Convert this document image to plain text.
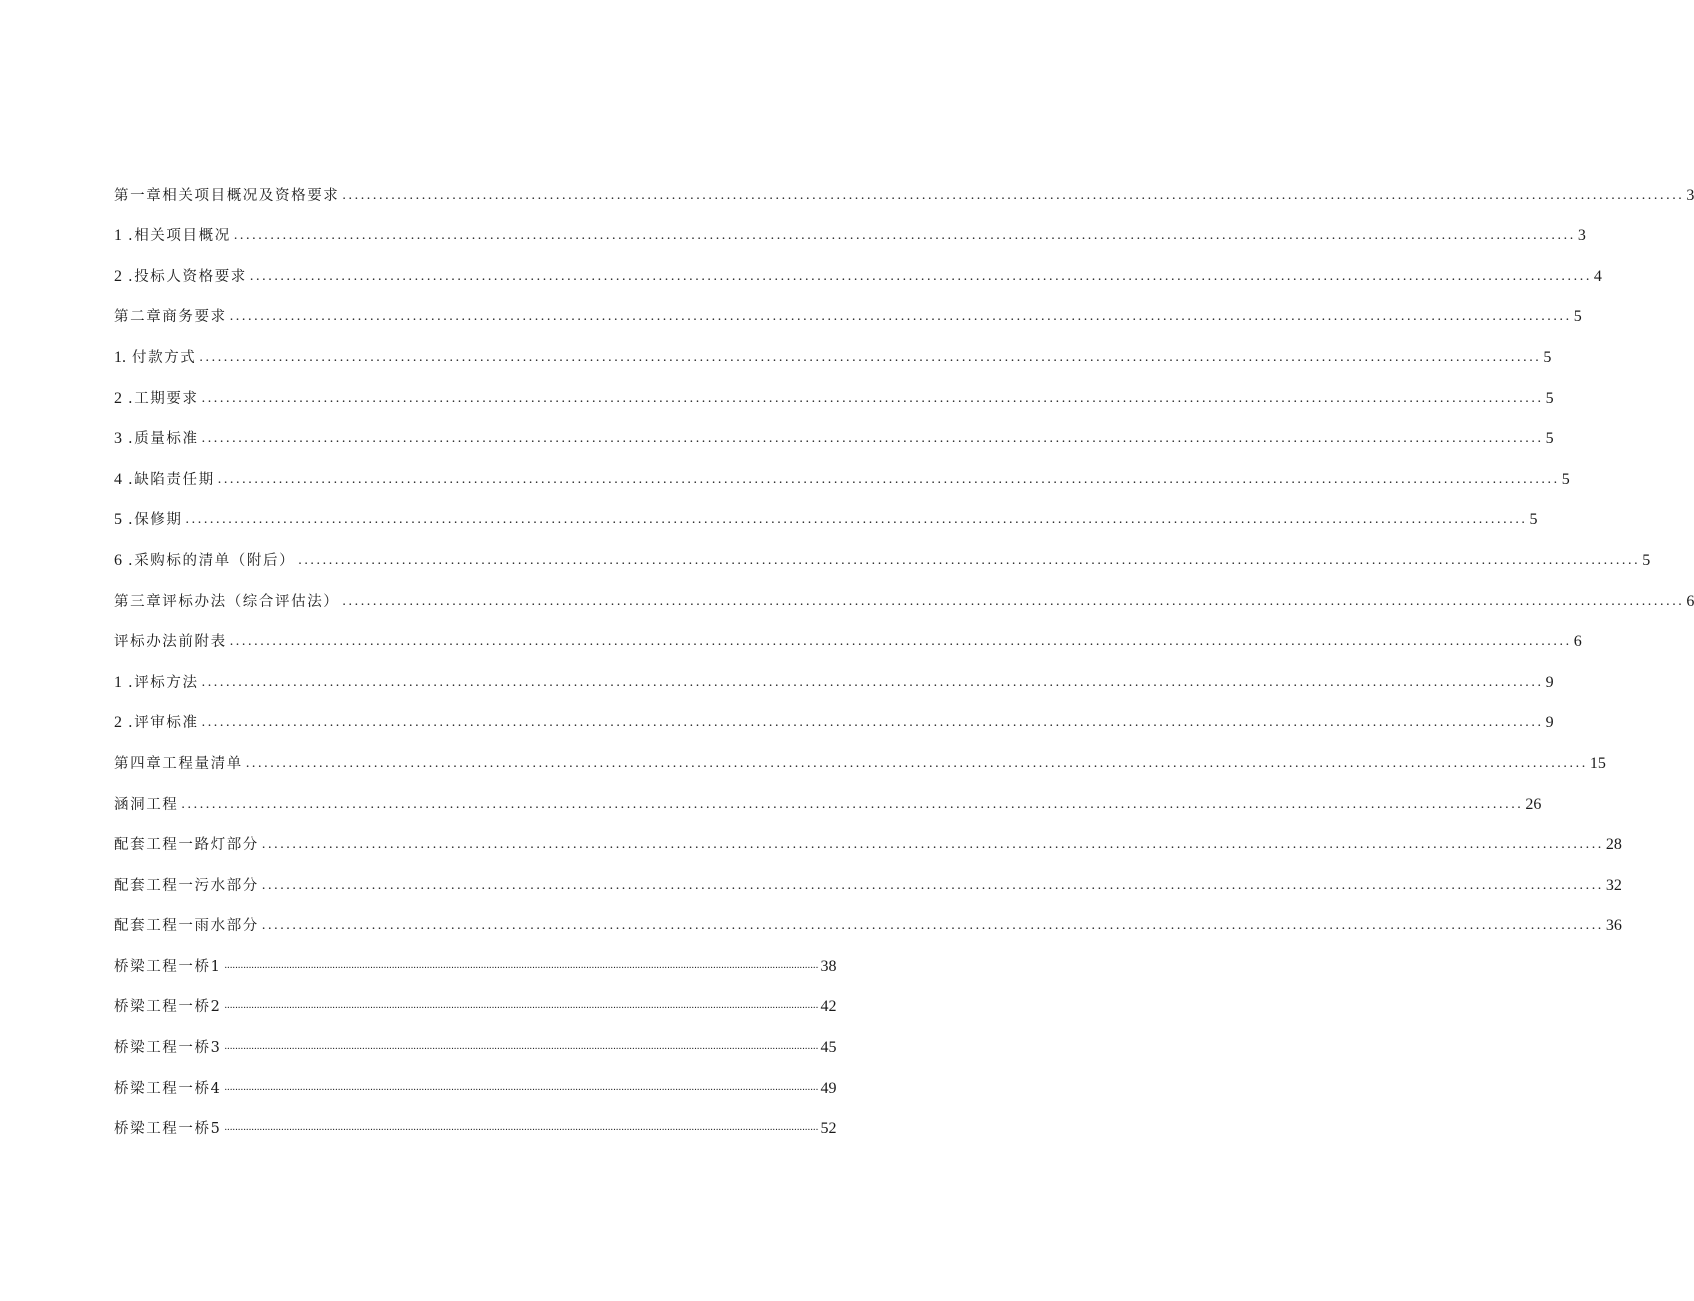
第一章相关项目概况及资格要求 ............................................................................................................................................................................................................................ 3
1 .相关项目概况 ............................................................................................................................................................................................................................ 3
2 .投标人资格要求 ............................................................................................................................................................................................................................ 4
第二章商务要求 ............................................................................................................................................................................................................................ 5
1. 付款方式 ............................................................................................................................................................................................................................ 5
2 .工期要求 ............................................................................................................................................................................................................................ 5
3 .质量标准 ............................................................................................................................................................................................................................ 5
4 .缺陷责任期 ............................................................................................................................................................................................................................ 5
5 .保修期 ............................................................................................................................................................................................................................ 5
6 .采购标的清单（附后） ............................................................................................................................................................................................................................ 5
第三章评标办法（综合评估法） ............................................................................................................................................................................................................................ 6
评标办法前附表 ............................................................................................................................................................................................................................ 6
1 .评标方法 ............................................................................................................................................................................................................................ 9
2 .评审标准 ............................................................................................................................................................................................................................ 9
第四章工程量清单 ............................................................................................................................................................................................................................ 15
涵洞工程 ............................................................................................................................................................................................................................ 26
配套工程一路灯部分 ............................................................................................................................................................................................................................ 28
配套工程一污水部分 ............................................................................................................................................................................................................................ 32
配套工程一雨水部分 ............................................................................................................................................................................................................................ 36
桥梁工程一桥1 ............................................................................................................................................................................................................................ 38
桥梁工程一桥2 ............................................................................................................................................................................................................................ 42
桥梁工程一桥3 ............................................................................................................................................................................................................................ 45
桥梁工程一桥4 ............................................................................................................................................................................................................................ 49
桥梁工程一桥5 ............................................................................................................................................................................................................................ 52
